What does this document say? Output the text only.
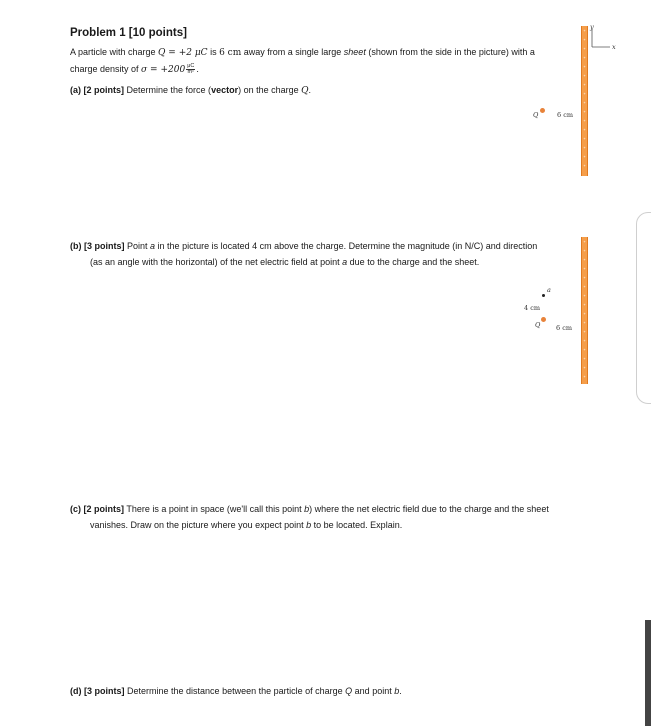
Problem 1 [10 points]
A particle with charge Q = +2 μC is 6 cm away from a single large sheet (shown from the side in the picture) with a charge density of $\sigma = +200 \frac{\mu C}{\text{m²}}$ .
(a) [2 points] Determine the force (vector) on the charge Q.
(b) [3 points] Point a in the picture is located 4 cm above the charge. Determine the magnitude (in N/C) and direction (as an angle with the horizontal) of the net electric field at point a due to the charge and the sheet.
(c) [2 points] There is a point in space (we'll call this point b) where the net electric field due to the charge and the sheet vanishes. Draw on the picture where you expect point b to be located. Explain.
(d) [3 points] Determine the distance between the particle of charge Q and point b.
+
+
+
+
+
+
+
+
+
+
+
+
+
+
+
+
y
x
Q	6 cm
+
+
+
+
+
+
+
+
+
+
+
+
+
+
+
+
a
4 cm
Q 6 cm
